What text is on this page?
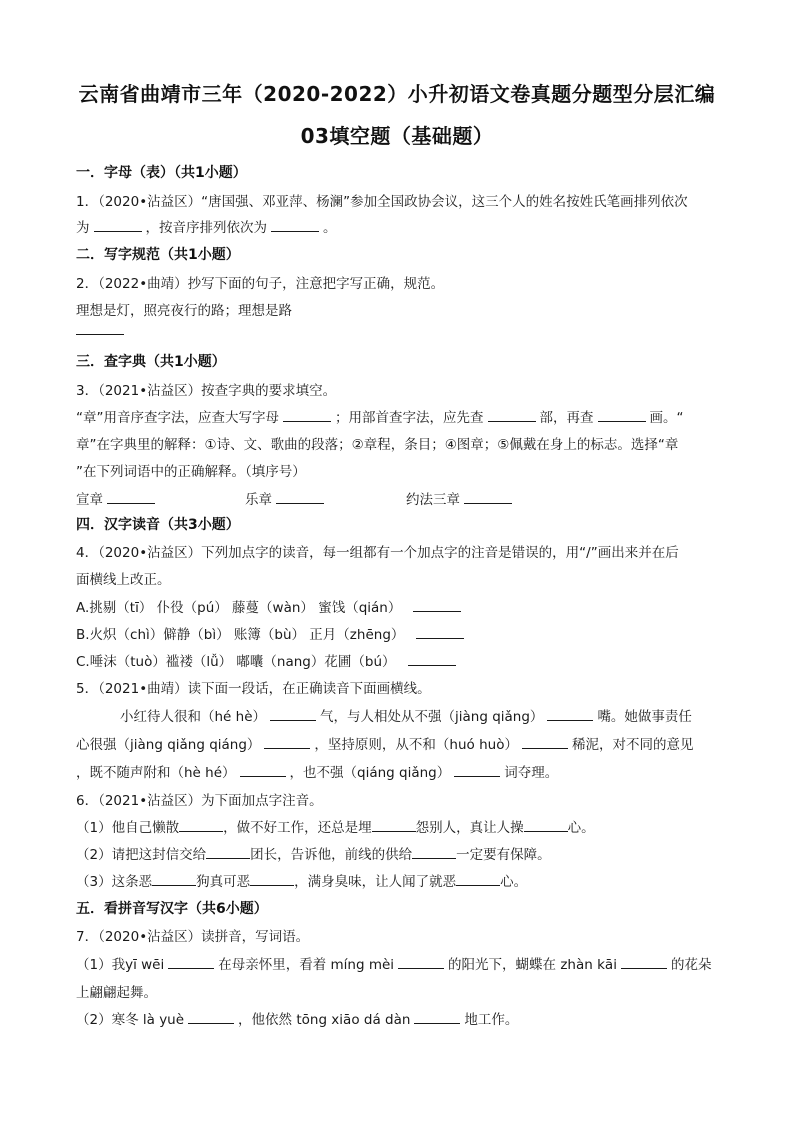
云南省曲靖市三年（2020-2022）小升初语文卷真题分题型分层汇编
03填空题（基础题）
一．字母（表）（共1小题）
1．（2020•沾益区）“唐国强、邓亚萍、杨澜”参加全国政协会议，这三个人的姓名按姓氏笔画排列依次
为	，按音序排列依次为	。
二．写字规范（共1小题）
2．（2022•曲靖）抄写下面的句子，注意把字写正确，规范。
理想是灯，照亮夜行的路；理想是路
三．查字典（共1小题）
3．（2021•沾益区）按查字典的要求填空。
“章”用音序查字法，应查大写字母	；用部首查字法，应先查	部，再查	画。“
章”在字典里的解释：①诗、文、歌曲的段落；②章程，条目；④图章；⑤佩戴在身上的标志。选择“章
”在下列词语中的正确解释。（填序号）
宣章	乐章	约法三章
四．汉字读音（共3小题）
4．（2020•沾益区）下列加点字的读音，每一组都有一个加点字的注音是错误的，用“/”画出来并在后
面横线上改正。
A.挑剔（tī） 仆役（pú） 藤蔓（wàn） 蜜饯（qián）
B.火炽（chì）僻静（bì） 账簿（bù） 正月（zhēng）
C.唾沫（tuò）褴褛（lǚ） 嘟囔（nang）花圃（bú）
5．（2021•曲靖）读下面一段话，在正确读音下面画横线。
小红待人很和（hé hè）	气，与人相处从不强（jiàng qiǎng）	嘴。她做事责任
心很强（jiàng qiǎng qiáng）	，坚持原则，从不和（huó huò）	稀泥，对不同的意见
，既不随声附和（hè hé）	，也不强（qiáng qiǎng）	词夺理。
6．（2021•沾益区）为下面加点字注音。
（1）他自己懒散	，做不好工作，还总是埋	怨别人，真让人操	心。
（2）请把这封信交给	团长，告诉他，前线的供给	一定要有保障。
（3）这条恶	狗真可恶	，满身臭味，让人闻了就恶	心。
五．看拼音写汉字（共6小题）
7．（2020•沾益区）读拼音，写词语。
（1）我yī wēi	在母亲怀里，看着 míng mèi	的阳光下，蝴蝶在 zhàn kāi	的花朵
上翩翩起舞。
（2）寒冬 là yuè	，他依然 tōng xiāo dá dàn	地工作。
